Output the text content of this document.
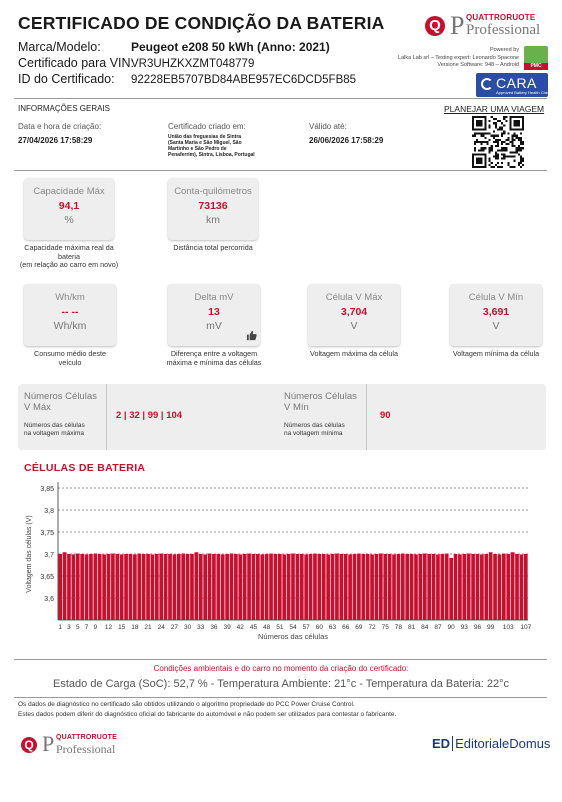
CERTIFICADO DE CONDIÇÃO DA BATERIA
Marca/Modelo:	Peugeot e208 50 kWh (Anno: 2021)
Certificado para VIN:VR3UHZKXZMT048779
ID do Certificado: 92228EB5707BD84ABE957EC6DCD5FB85
Q P QUATTRORUOTE
Professional
Powered by
Lalka Lab srl – Testing expert: Leonardo Spacone
Versione Software: 948 – Android	PMC
CARA
Approved Battery Health Check
INFORMAÇÕES GERAIS	PLANEJAR UMA VIAGEM
Data e hora de criação:
27/04/2026 17:58:29
Certificado criado em:
União das freguesias de Sintra
(Santa Maria e São Miguel, São
Martinho e São Pedro de
Penaferrim), Sintra, Lisboa, Portugal
Válido até:
26/06/2026 17:58:29
Capacidade Máx
94,1
%
Capacidade máxima real da
bateria
(em relação ao carro em novo)
Conta-quilómetros
73136
km
Distância total percorrida
Wh/km
-- --
Wh/km
Consumo médio deste
veículo
Delta mV
13
mV
Diferença entre a voltagem
máxima e mínima das células
Célula V Máx
3,704
V
Voltagem máxima da célula
Célula V Mín
3,691
V
Voltagem mínima da célula
Números Células
V Máx
Números das células
na voltagem máxima
2 | 32 | 99 | 104
Números Células
V Mín
Números das células
na voltagem mínima
90
CÉLULAS DE BATERIA
3,6
3,65
3,7
3,75
3,8
3,85
1 3 5 7 9 12 15 18 21 24 27 30 33 36 39 42 45 48 51 54 57 60 63 66 69 72 75 78 81 84 87 90 93 96 99 103 107
Números das células
Voltagem das células (V)
Condições ambientais e do carro no momento da criação do certificado:
Estado de Carga (SoC): 52,7 % - Temperatura Ambiente: 21°c - Temperatura da Bateria: 22°c
Os dados de diagnóstico no certificado são obtidos utilizando o algoritmo propriedade do PCC Power Cruise Control.
Estes dados podem diferir do diagnóstico oficial do fabricante do automóvel e não podem ser utilizados para contestar o fabricante.
Q P QUATTRORUOTE
Professional	ED EditorialeDomus
